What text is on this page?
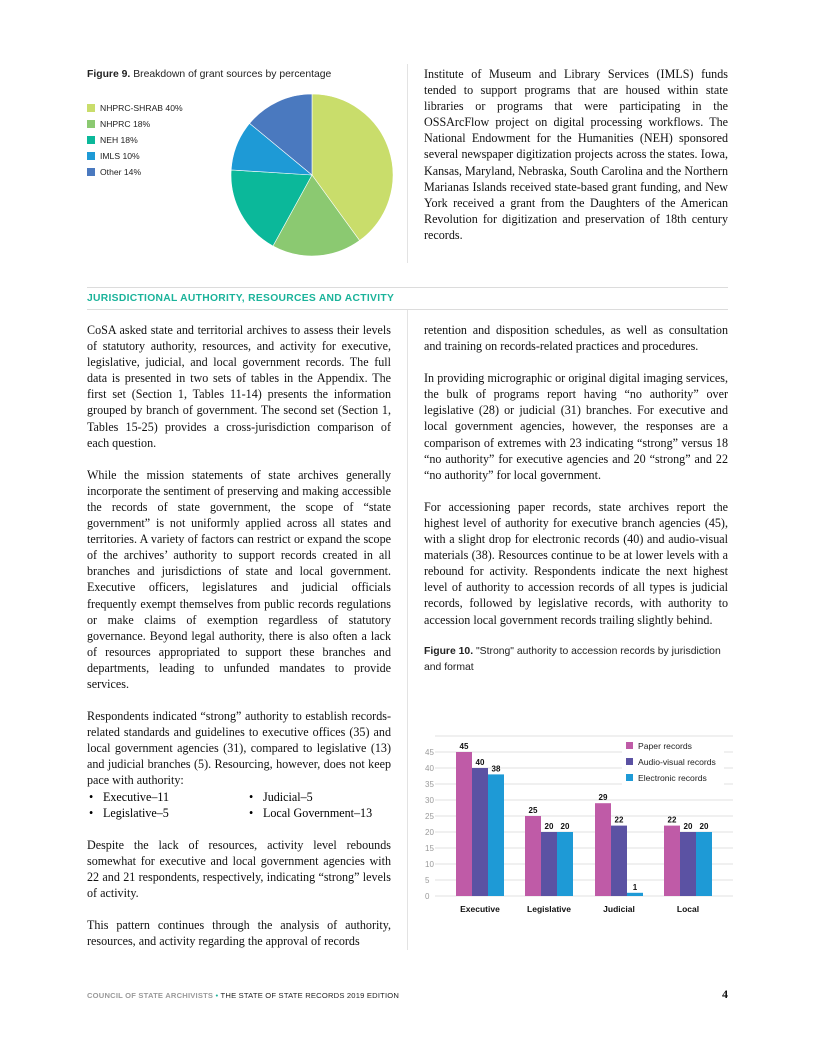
Figure 9. Breakdown of grant sources by percentage

NHPRC-SHRAB 40%
NHPRC 18%
NEH 18%
IMLS 10%
Other 14%

Institute of Museum and Library Services (IMLS) funds tended to support programs that are housed within state libraries or programs that were participating in the OSSArcFlow project on digital processing workflows. The National Endowment for the Humanities (NEH) sponsored several newspaper digitization projects across the states. Iowa, Kansas, Maryland, Nebraska, South Carolina and the Northern Marianas Islands received state-based grant funding, and New York received a grant from the Daughters of the American Revolution for digitization and preservation of 18th century records.

JURISDICTIONAL AUTHORITY, RESOURCES AND ACTIVITY

CoSA asked state and territorial archives to assess their levels of statutory authority, resources, and activity for executive, legislative, judicial, and local government records. The full data is presented in two sets of tables in the Appendix. The first set (Section 1, Tables 11-14) presents the information grouped by branch of government. The second set (Section 1, Tables 15-25) provides a cross-jurisdiction comparison of each question.

While the mission statements of state archives generally incorporate the sentiment of preserving and making accessible the records of state government, the scope of “state government” is not uniformly applied across all states and territories. A variety of factors can restrict or expand the scope of the archives’ authority to support records created in all branches and jurisdictions of state and local government. Executive officers, legislatures and judicial officials frequently exempt themselves from public records regulations or make claims of exemption regardless of statutory governance. Beyond legal authority, there is also often a lack of resources appropriated to support these branches and departments, leading to unfunded mandates to provide services.

Respondents indicated “strong” authority to establish records-related standards and guidelines to executive offices (35) and local government agencies (31), compared to legislative (13) and judicial branches (5). Resourcing, however, does not keep pace with authority:

• Executive–11	• Judicial–5
• Legislative–5	• Local Government–13

Despite the lack of resources, activity level rebounds somewhat for executive and local government agencies with 22 and 21 respondents, respectively, indicating “strong” levels of activity.

This pattern continues through the analysis of authority, resources, and activity regarding the approval of records

retention and disposition schedules, as well as consultation and training on records-related practices and procedures.

In providing micrographic or original digital imaging services, the bulk of programs report having “no authority” over legislative (28) or judicial (31) branches. For executive and local government agencies, however, the responses are a comparison of extremes with 23 indicating “strong” versus 18 “no authority” for executive agencies and 20 “strong” and 22 “no authority” for local government.

For accessioning paper records, state archives report the highest level of authority for executive branch agencies (45), with a slight drop for electronic records (40) and audio-visual materials (38). Resources continue to be at lower levels with a rebound for activity. Respondents indicate the next highest level of authority to accession records of all types is judicial records, followed by legislative records, with authority to accession local government records trailing slightly behind.

Figure 10. "Strong" authority to accession records by jurisdiction and format

0
5
10
15
20
25
30
35
40
45
45
40
38
Executive
25
20 20
Legislative
29
22
1
Judicial
22
20 20
Local
Paper records
Audio-visual records
Electronic records
COUNCIL OF STATE ARCHIVISTS • THE STATE OF STATE RECORDS 2019 EDITION	4
